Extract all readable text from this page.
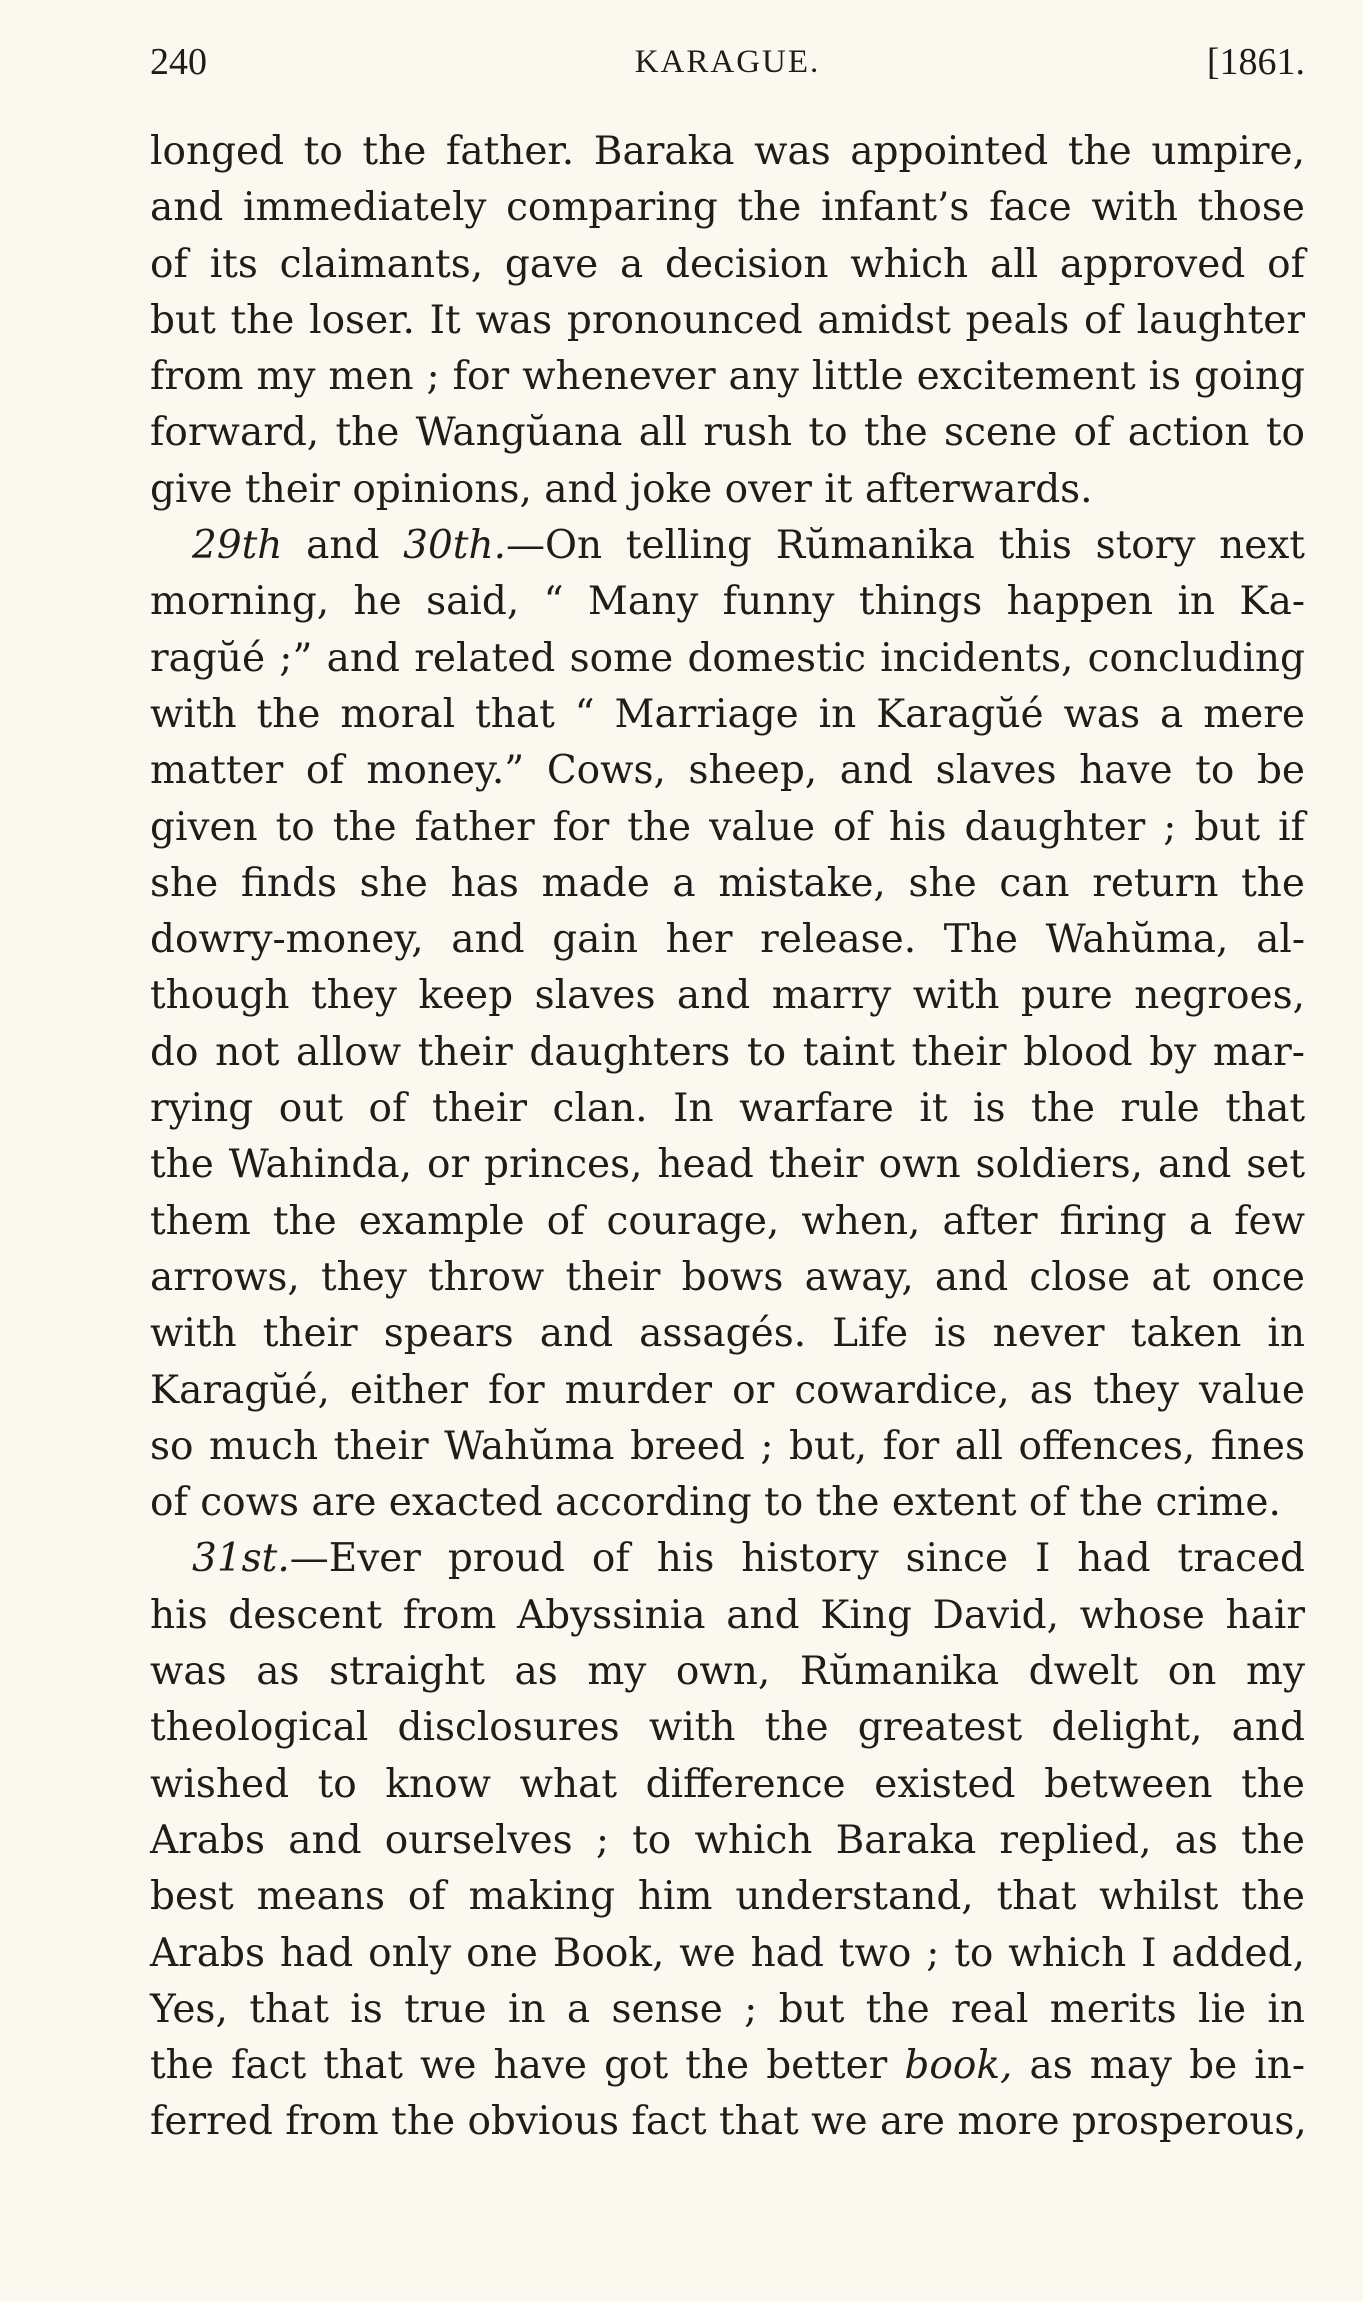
240	KARAGUE.	[1861.
longed to the father. Baraka was appointed the umpire,
and immediately comparing the infant’s face with those
of its claimants, gave a decision which all approved of
but the loser. It was pronounced amidst peals of laughter
from my men ; for whenever any little excitement is going
forward, the Wangŭana all rush to the scene of action to
give their opinions, and joke over it afterwards.
29th and 30th.—On telling Rŭmanika this story next
morning, he said, “ Many funny things happen in Ka-
ragŭé ;” and related some domestic incidents, concluding
with the moral that “ Marriage in Karagŭé was a mere
matter of money.” Cows, sheep, and slaves have to be
given to the father for the value of his daughter ; but if
she finds she has made a mistake, she can return the
dowry-money, and gain her release. The Wahŭma, al-
though they keep slaves and marry with pure negroes,
do not allow their daughters to taint their blood by mar-
rying out of their clan. In warfare it is the rule that
the Wahinda, or princes, head their own soldiers, and set
them the example of courage, when, after firing a few
arrows, they throw their bows away, and close at once
with their spears and assagés. Life is never taken in
Karagŭé, either for murder or cowardice, as they value
so much their Wahŭma breed ; but, for all offences, fines
of cows are exacted according to the extent of the crime.
31st.—Ever proud of his history since I had traced
his descent from Abyssinia and King David, whose hair
was as straight as my own, Rŭmanika dwelt on my
theological disclosures with the greatest delight, and
wished to know what difference existed between the
Arabs and ourselves ; to which Baraka replied, as the
best means of making him understand, that whilst the
Arabs had only one Book, we had two ; to which I added,
Yes, that is true in a sense ; but the real merits lie in
the fact that we have got the better book, as may be in-
ferred from the obvious fact that we are more prosperous,
